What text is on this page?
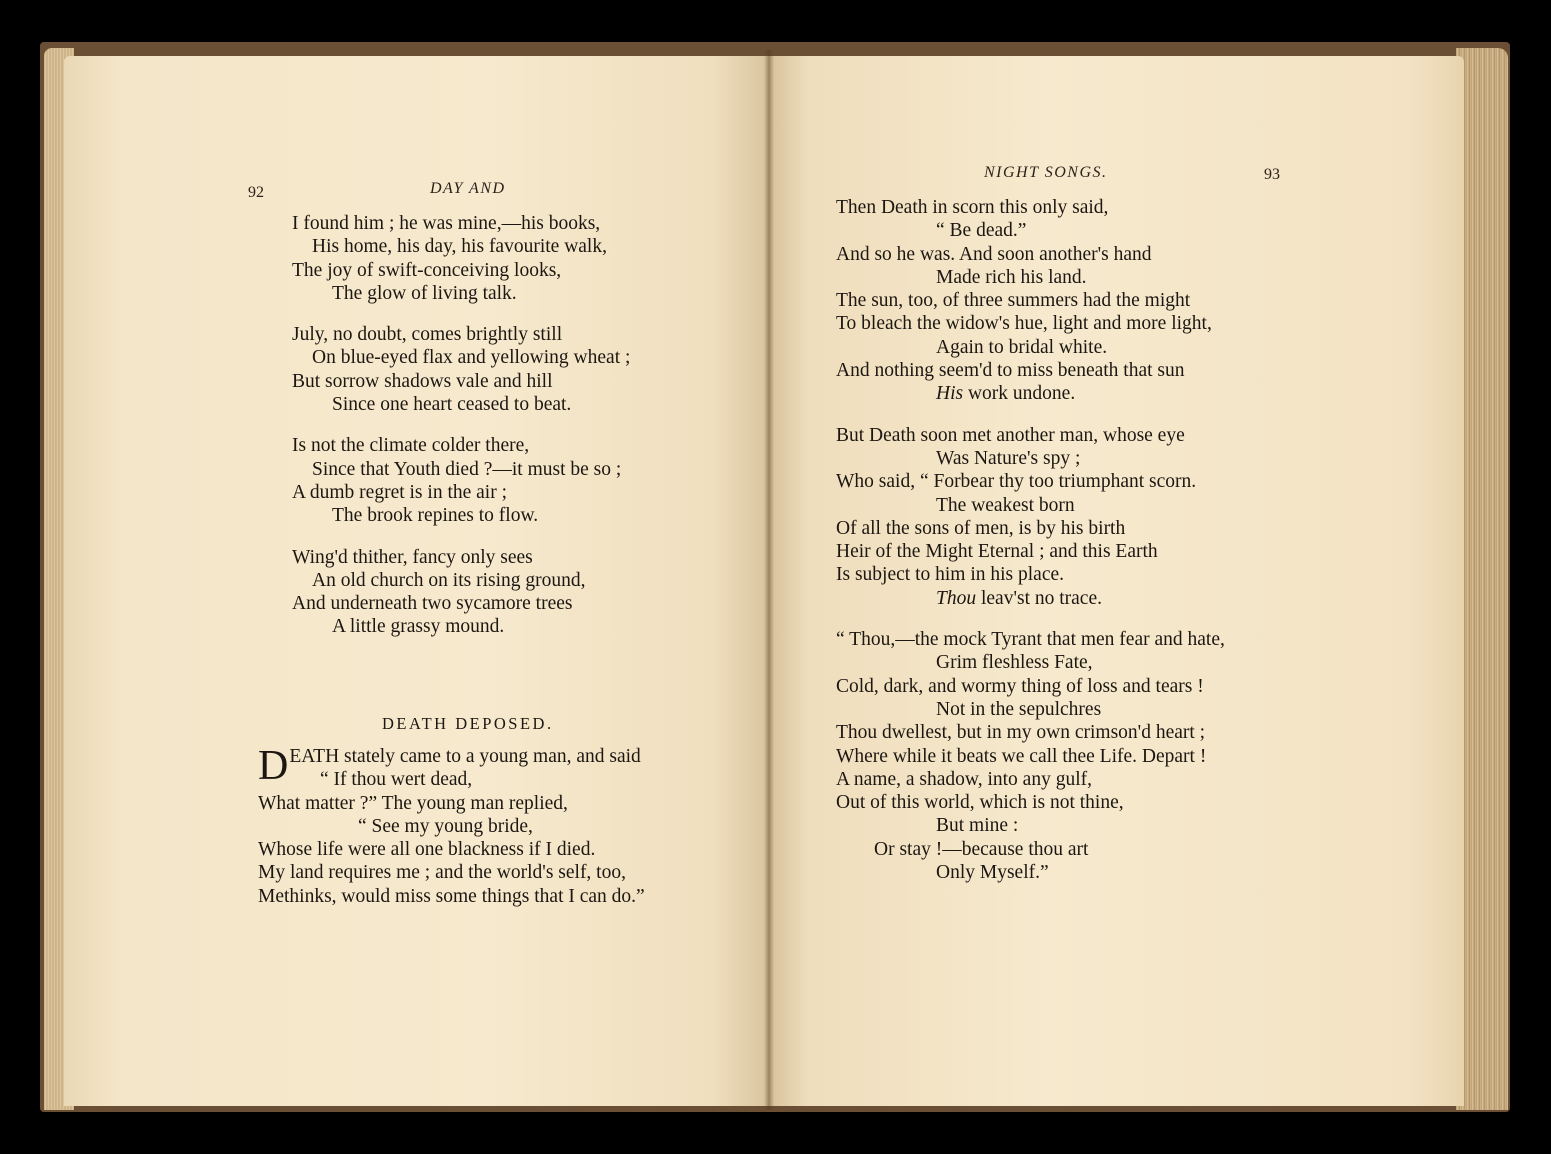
92	DAY AND
I found him ; he was mine,—his books,
His home, his day, his favourite walk,
The joy of swift-conceiving looks,
The glow of living talk.
July, no doubt, comes brightly still
On blue-eyed flax and yellowing wheat ;
But sorrow shadows vale and hill
Since one heart ceased to beat.
Is not the climate colder there,
Since that Youth died ?—it must be so ;
A dumb regret is in the air ;
The brook repines to flow.
Wing'd thither, fancy only sees
An old church on its rising ground,
And underneath two sycamore trees
A little grassy mound.
DEATH DEPOSED.
D EATH stately came to a young man, and said
“ If thou wert dead,
What matter ?” The young man replied,
“ See my young bride,
Whose life were all one blackness if I died.
My land requires me ; and the world's self, too,
Methinks, would miss some things that I can do.”
NIGHT SONGS.	93
Then Death in scorn this only said,
“ Be dead.”
And so he was. And soon another's hand
Made rich his land.
The sun, too, of three summers had the might
To bleach the widow's hue, light and more light,
Again to bridal white.
And nothing seem'd to miss beneath that sun
His work undone.
But Death soon met another man, whose eye
Was Nature's spy ;
Who said, “ Forbear thy too triumphant scorn.
The weakest born
Of all the sons of men, is by his birth
Heir of the Might Eternal ; and this Earth
Is subject to him in his place.
Thou leav'st no trace.
“ Thou,—the mock Tyrant that men fear and hate,
Grim fleshless Fate,
Cold, dark, and wormy thing of loss and tears !
Not in the sepulchres
Thou dwellest, but in my own crimson'd heart ;
Where while it beats we call thee Life. Depart !
A name, a shadow, into any gulf,
Out of this world, which is not thine,
But mine :
Or stay !—because thou art
Only Myself.”
